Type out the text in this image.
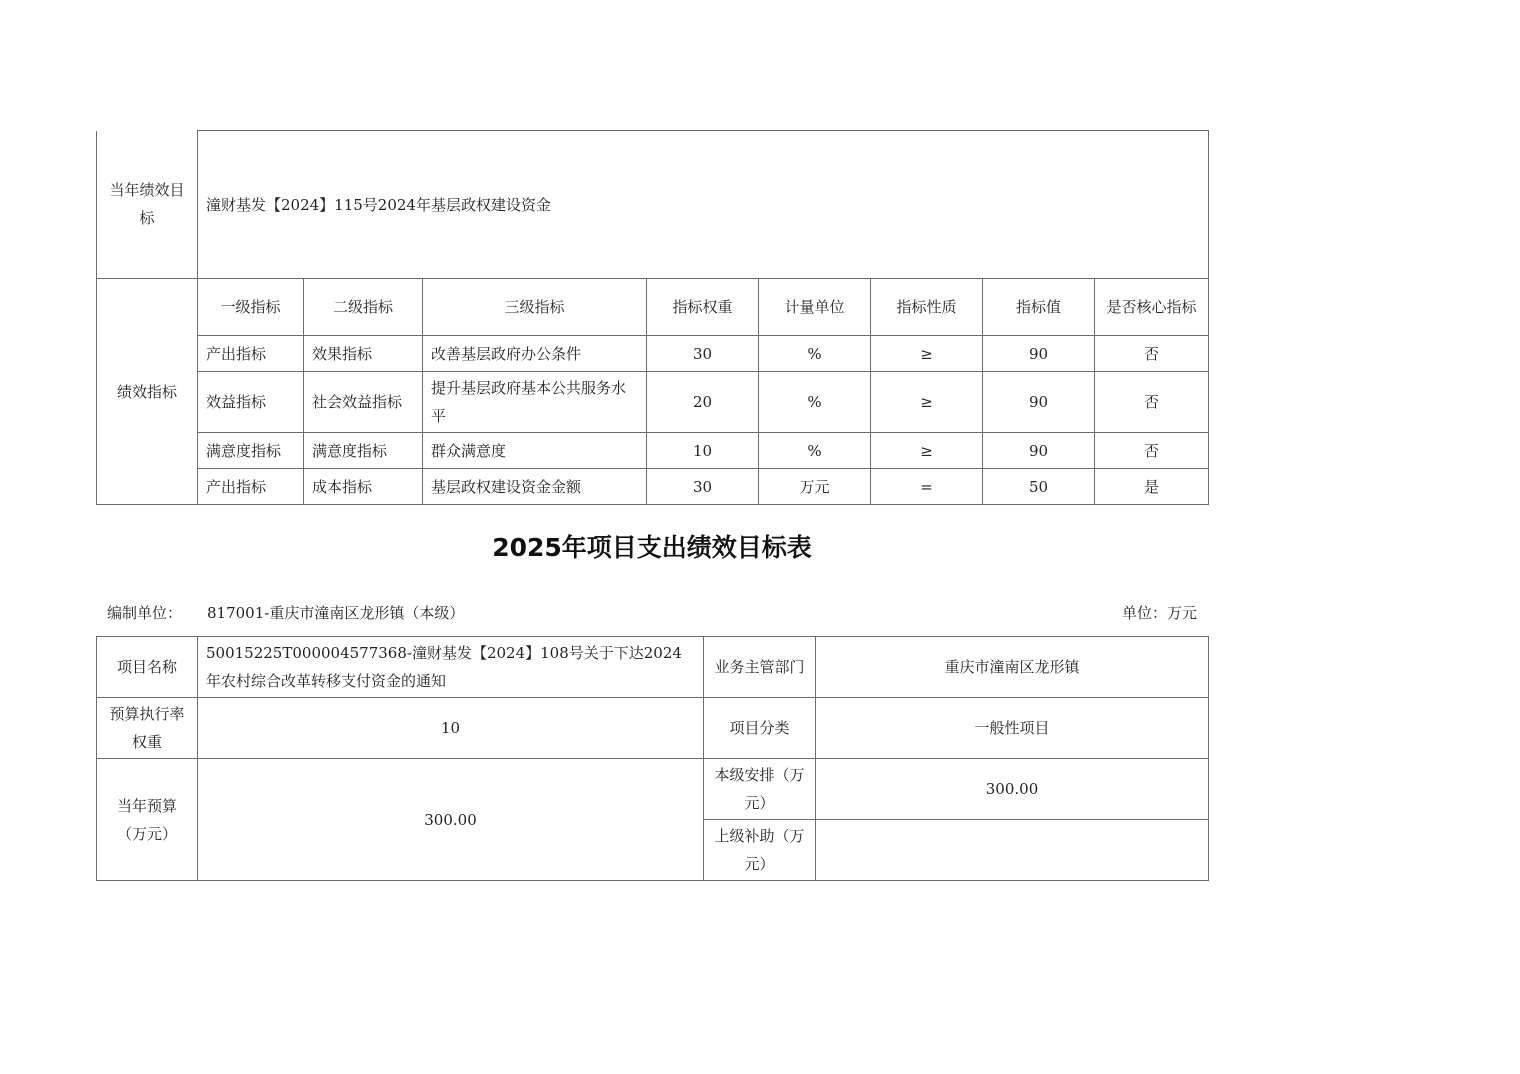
当年绩效目标	潼财基发【2024】115号2024年基层政权建设资金							
绩效指标	一级指标	二级指标	三级指标	指标权重	计量单位	指标性质	指标值	是否核心指标
	产出指标	效果指标	改善基层政府办公条件	30	%	≥	90	否
	效益指标	社会效益指标	提升基层政府基本公共服务水平	20	%	≥	90	否
	满意度指标	满意度指标	群众满意度	10	%	≥	90	否
	产出指标	成本指标	基层政权建设资金金额	30	万元	=	50	是
2025年项目支出绩效目标表
编制单位： 817001-重庆市潼南区龙形镇（本级）	单位：万元
项目名称	50015225T000004577368-潼财基发【2024】108号关于下达2024年农村综合改革转移支付资金的通知	业务主管部门	重庆市潼南区龙形镇
预算执行率权重	10	项目分类	一般性项目
当年预算（万元）	300.00	本级安排（万元）	300.00
		上级补助（万元）	
